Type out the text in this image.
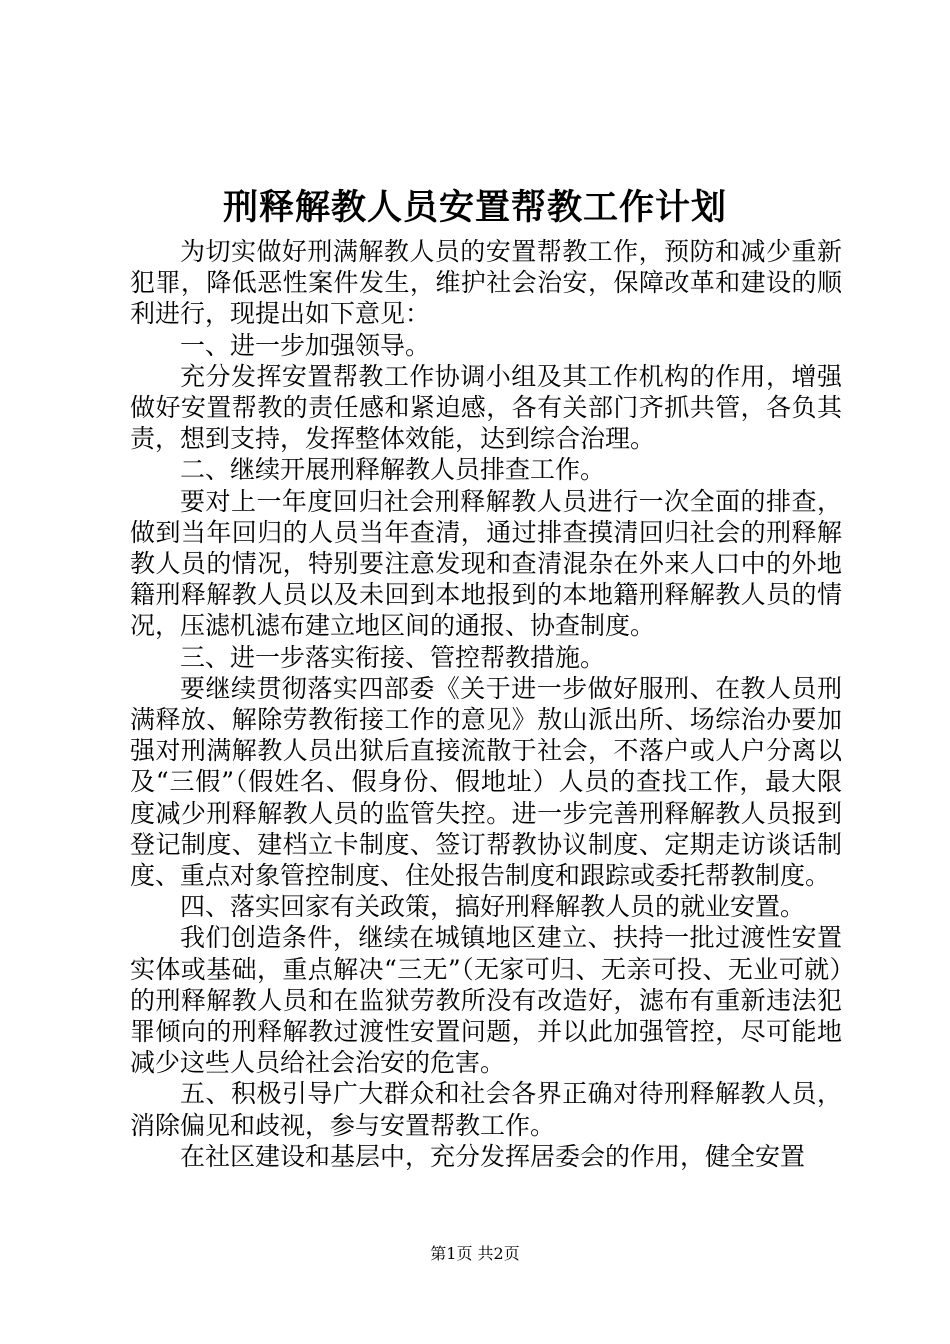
刑释解教人员安置帮教工作计划

为切实做好刑满解教人员的安置帮教工作，预防和减少重新犯罪，降低恶性案件发生，维护社会治安，保障改革和建设的顺利进行，现提出如下意见：

一、进一步加强领导。

充分发挥安置帮教工作协调小组及其工作机构的作用，增强做好安置帮教的责任感和紧迫感，各有关部门齐抓共管，各负其责，想到支持，发挥整体效能，达到综合治理。

二、继续开展刑释解教人员排查工作。

要对上一年度回归社会刑释解教人员进行一次全面的排查，做到当年回归的人员当年查清，通过排查摸清回归社会的刑释解教人员的情况，特别要注意发现和查清混杂在外来人口中的外地籍刑释解教人员以及未回到本地报到的本地籍刑释解教人员的情况，压滤机滤布建立地区间的通报、协查制度。

三、进一步落实衔接、管控帮教措施。

要继续贯彻落实四部委《关于进一步做好服刑、在教人员刑满释放、解除劳教衔接工作的意见》敖山派出所、场综治办要加强对刑满解教人员出狱后直接流散于社会，不落户或人户分离以及“三假”（假姓名、假身份、假地址）人员的查找工作，最大限度减少刑释解教人员的监管失控。进一步完善刑释解教人员报到登记制度、建档立卡制度、签订帮教协议制度、定期走访谈话制度、重点对象管控制度、住处报告制度和跟踪或委托帮教制度。

四、落实回家有关政策，搞好刑释解教人员的就业安置。

我们创造条件，继续在城镇地区建立、扶持一批过渡性安置实体或基础，重点解决“三无”（无家可归、无亲可投、无业可就）的刑释解教人员和在监狱劳教所没有改造好，滤布有重新违法犯罪倾向的刑释解教过渡性安置问题，并以此加强管控，尽可能地减少这些人员给社会治安的危害。

五、积极引导广大群众和社会各界正确对待刑释解教人员，消除偏见和歧视，参与安置帮教工作。

在社区建设和基层中，充分发挥居委会的作用，健全安置

第1页 共2页
